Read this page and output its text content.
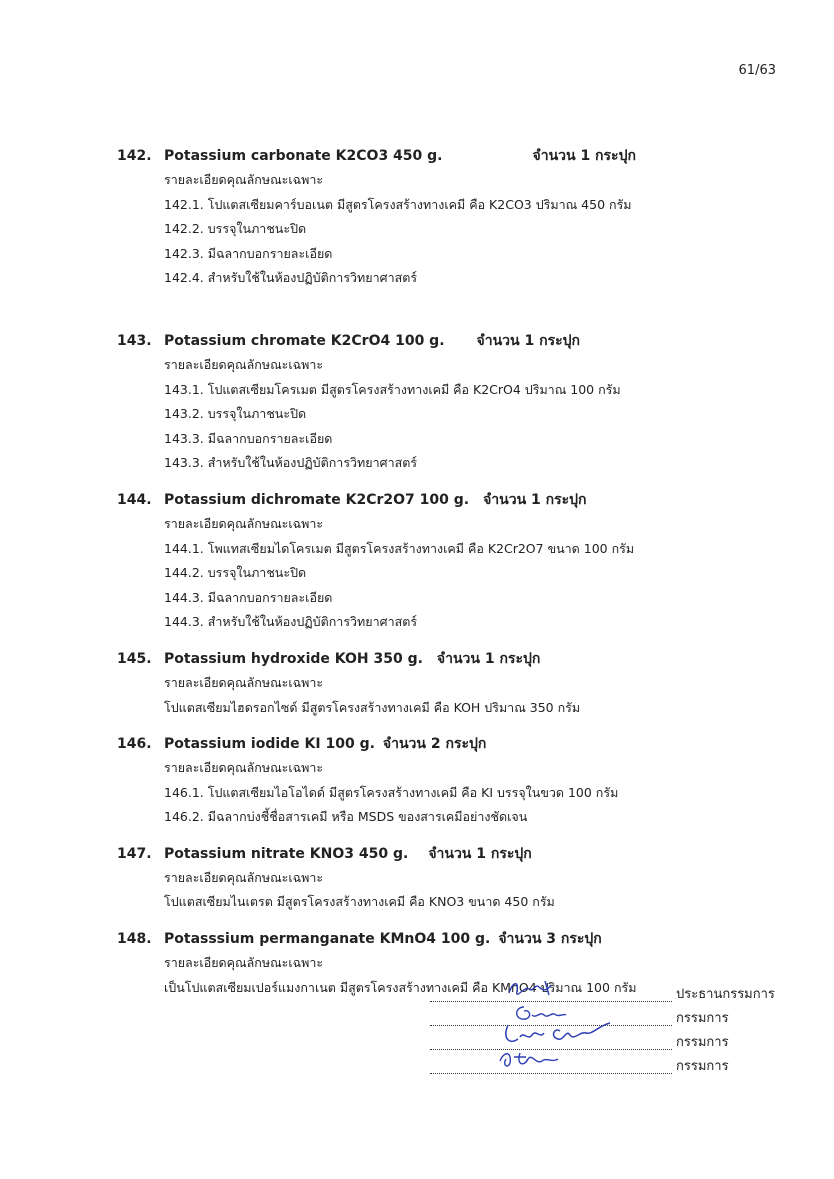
61/63
142. Potassium carbonate K2CO3 450 g.	จำนวน 1 กระปุก
รายละเอียดคุณลักษณะเฉพาะ
142.1. โปแตสเซียมคาร์บอเนต มีสูตรโครงสร้างทางเคมี คือ K2CO3 ปริมาณ 450 กรัม
142.2. บรรจุในภาชนะปิด
142.3. มีฉลากบอกรายละเอียด
142.4. สำหรับใช้ในห้องปฏิบัติการวิทยาศาสตร์
143. Potassium chromate K2CrO4 100 g. จำนวน 1 กระปุก
รายละเอียดคุณลักษณะเฉพาะ
143.1. โปแตสเซียมโครเมต มีสูตรโครงสร้างทางเคมี คือ K2CrO4 ปริมาณ 100 กรัม
143.2. บรรจุในภาชนะปิด
143.3. มีฉลากบอกรายละเอียด
143.3. สำหรับใช้ในห้องปฏิบัติการวิทยาศาสตร์
144. Potassium dichromate K2Cr2O7 100 g. จำนวน 1 กระปุก
รายละเอียดคุณลักษณะเฉพาะ
144.1. โพแทสเซียมไดโครเมต มีสูตรโครงสร้างทางเคมี คือ K2Cr2O7 ขนาด 100 กรัม
144.2. บรรจุในภาชนะปิด
144.3. มีฉลากบอกรายละเอียด
144.3. สำหรับใช้ในห้องปฏิบัติการวิทยาศาสตร์
145. Potassium hydroxide KOH 350 g. จำนวน 1 กระปุก
รายละเอียดคุณลักษณะเฉพาะ
โปแตสเซียมไฮดรอกไซด์ มีสูตรโครงสร้างทางเคมี คือ KOH ปริมาณ 350 กรัม
146. Potassium iodide KI 100 g. จำนวน 2 กระปุก
รายละเอียดคุณลักษณะเฉพาะ
146.1. โปแตสเซียมไอโอไดด์ มีสูตรโครงสร้างทางเคมี คือ KI บรรจุในขวด 100 กรัม
146.2. มีฉลากบ่งชี้ชื่อสารเคมี หรือ MSDS ของสารเคมีอย่างชัดเจน
147. Potassium nitrate KNO3 450 g. จำนวน 1 กระปุก
รายละเอียดคุณลักษณะเฉพาะ
โปแตสเซียมไนเตรต มีสูตรโครงสร้างทางเคมี คือ KNO3 ขนาด 450 กรัม
148. Potasssium permanganate KMnO4 100 g. จำนวน 3 กระปุก
รายละเอียดคุณลักษณะเฉพาะ
เป็นโปแตสเซียมเปอร์แมงกาเนต มีสูตรโครงสร้างทางเคมี คือ KMnO4 ปริมาณ 100 กรัม	ประธานกรรมการ
กรรมการ
กรรมการ
กรรมการ
